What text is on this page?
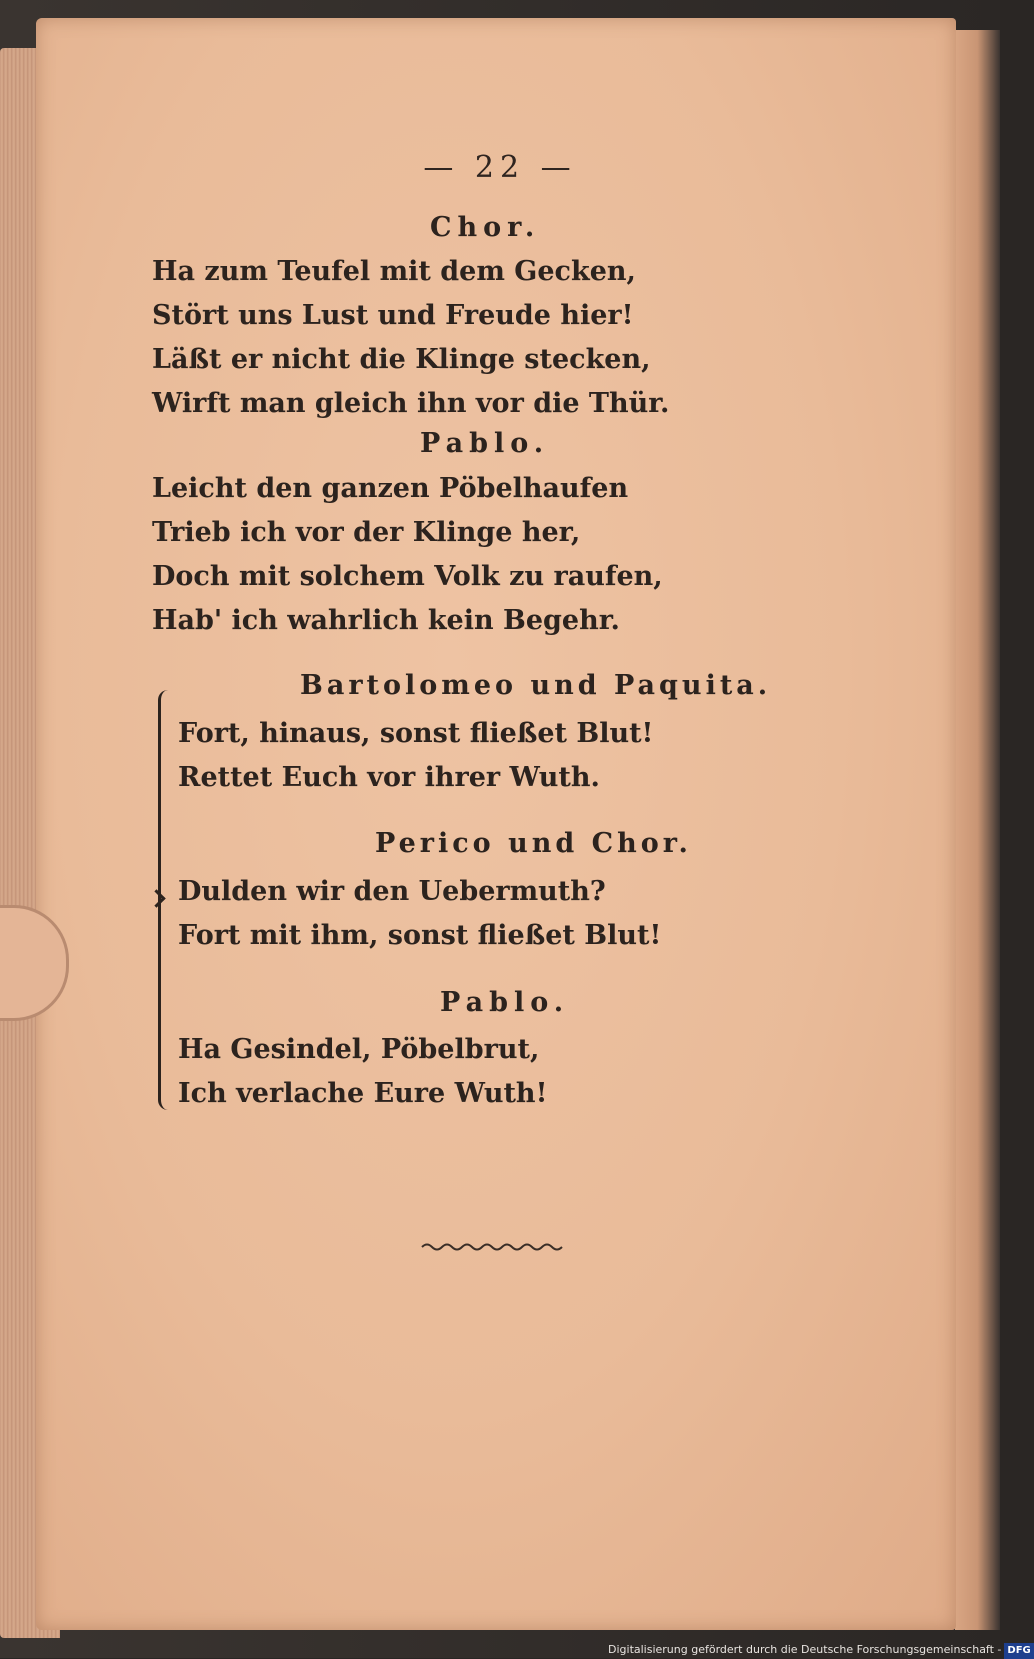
— 22 —
Chor.
Ha zum Teufel mit dem Gecken,
Stört uns Lust und Freude hier!
Läßt er nicht die Klinge stecken,
Wirft man gleich ihn vor die Thür.
Pablo.
Leicht den ganzen Pöbelhaufen
Trieb ich vor der Klinge her,
Doch mit solchem Volk zu raufen,
Hab' ich wahrlich kein Begehr.
Bartolomeo und Paquita.
Fort, hinaus, sonst fließet Blut!
Rettet Euch vor ihrer Wuth.
Perico und Chor.
Dulden wir den Uebermuth?
Fort mit ihm, sonst fließet Blut!
Pablo.
Ha Gesindel, Pöbelbrut,
Ich verlache Eure Wuth!
Digitalisierung gefördert durch die Deutsche Forschungsgemeinschaft - DFG
